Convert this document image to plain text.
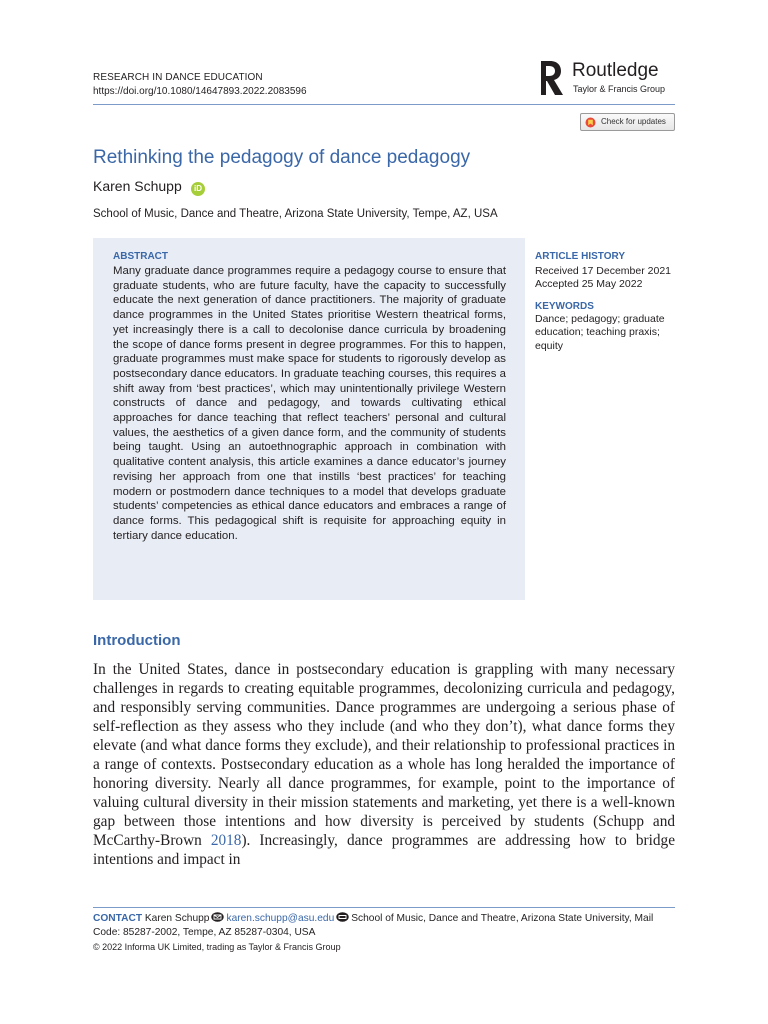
RESEARCH IN DANCE EDUCATION
https://doi.org/10.1080/14647893.2022.2083596
Routledge
Taylor & Francis Group
Check for updates
Rethinking the pedagogy of dance pedagogy
Karen Schupp	iD
School of Music, Dance and Theatre, Arizona State University, Tempe, AZ, USA
ABSTRACT

Many graduate dance programmes require a pedagogy course to ensure that graduate students, who are future faculty, have the capacity to successfully educate the next generation of dance practitioners. The majority of graduate dance programmes in the United States prioritise Western theatrical forms, yet increasingly there is a call to decolonise dance curricula by broadening the scope of dance forms present in degree programmes. For this to happen, graduate programmes must make space for students to rigorously develop as postsecondary dance educators. In graduate teaching courses, this requires a shift away from ‘best practices’, which may unintentionally privilege Western constructs of dance and pedagogy, and towards cultivating ethical approaches for dance teaching that reflect teachers’ personal and cultural values, the aesthetics of a given dance form, and the community of students being taught. Using an autoethnographic approach in combination with qualitative content analysis, this article examines a dance educator’s journey revising her approach from one that instills ‘best practices’ for teaching modern or postmodern dance techniques to a model that develops graduate students’ competencies as ethical dance educators and embraces a range of dance forms. This pedagogical shift is requisite for approaching equity in tertiary dance education.

ARTICLE HISTORY
Received 17 December 2021
Accepted 25 May 2022
KEYWORDS

Dance; pedagogy; graduate education; teaching praxis; equity

Introduction

In the United States, dance in postsecondary education is grappling with many necessary challenges in regards to creating equitable programmes, decolonizing curricula and pedagogy, and responsibly serving communities. Dance programmes are undergoing a serious phase of self-reflection as they assess who they include (and who they don’t), what dance forms they elevate (and what dance forms they exclude), and their relationship to professional practices in a range of contexts. Postsecondary education as a whole has long heralded the importance of honoring diversity. Nearly all dance programmes, for example, point to the importance of valuing cultural diversity in their mission statements and marketing, yet there is a well-known gap between those intentions and how diversity is perceived by students (Schupp and McCarthy-Brown 2018). Increasingly, dance programmes are addressing how to bridge intentions and impact in

CONTACT Karen Schupp karen.schupp@asu.edu School of Music, Dance and Theatre, Arizona State University, Mail Code: 85287-2002, Tempe, AZ 85287-0304, USA

© 2022 Informa UK Limited, trading as Taylor & Francis Group
